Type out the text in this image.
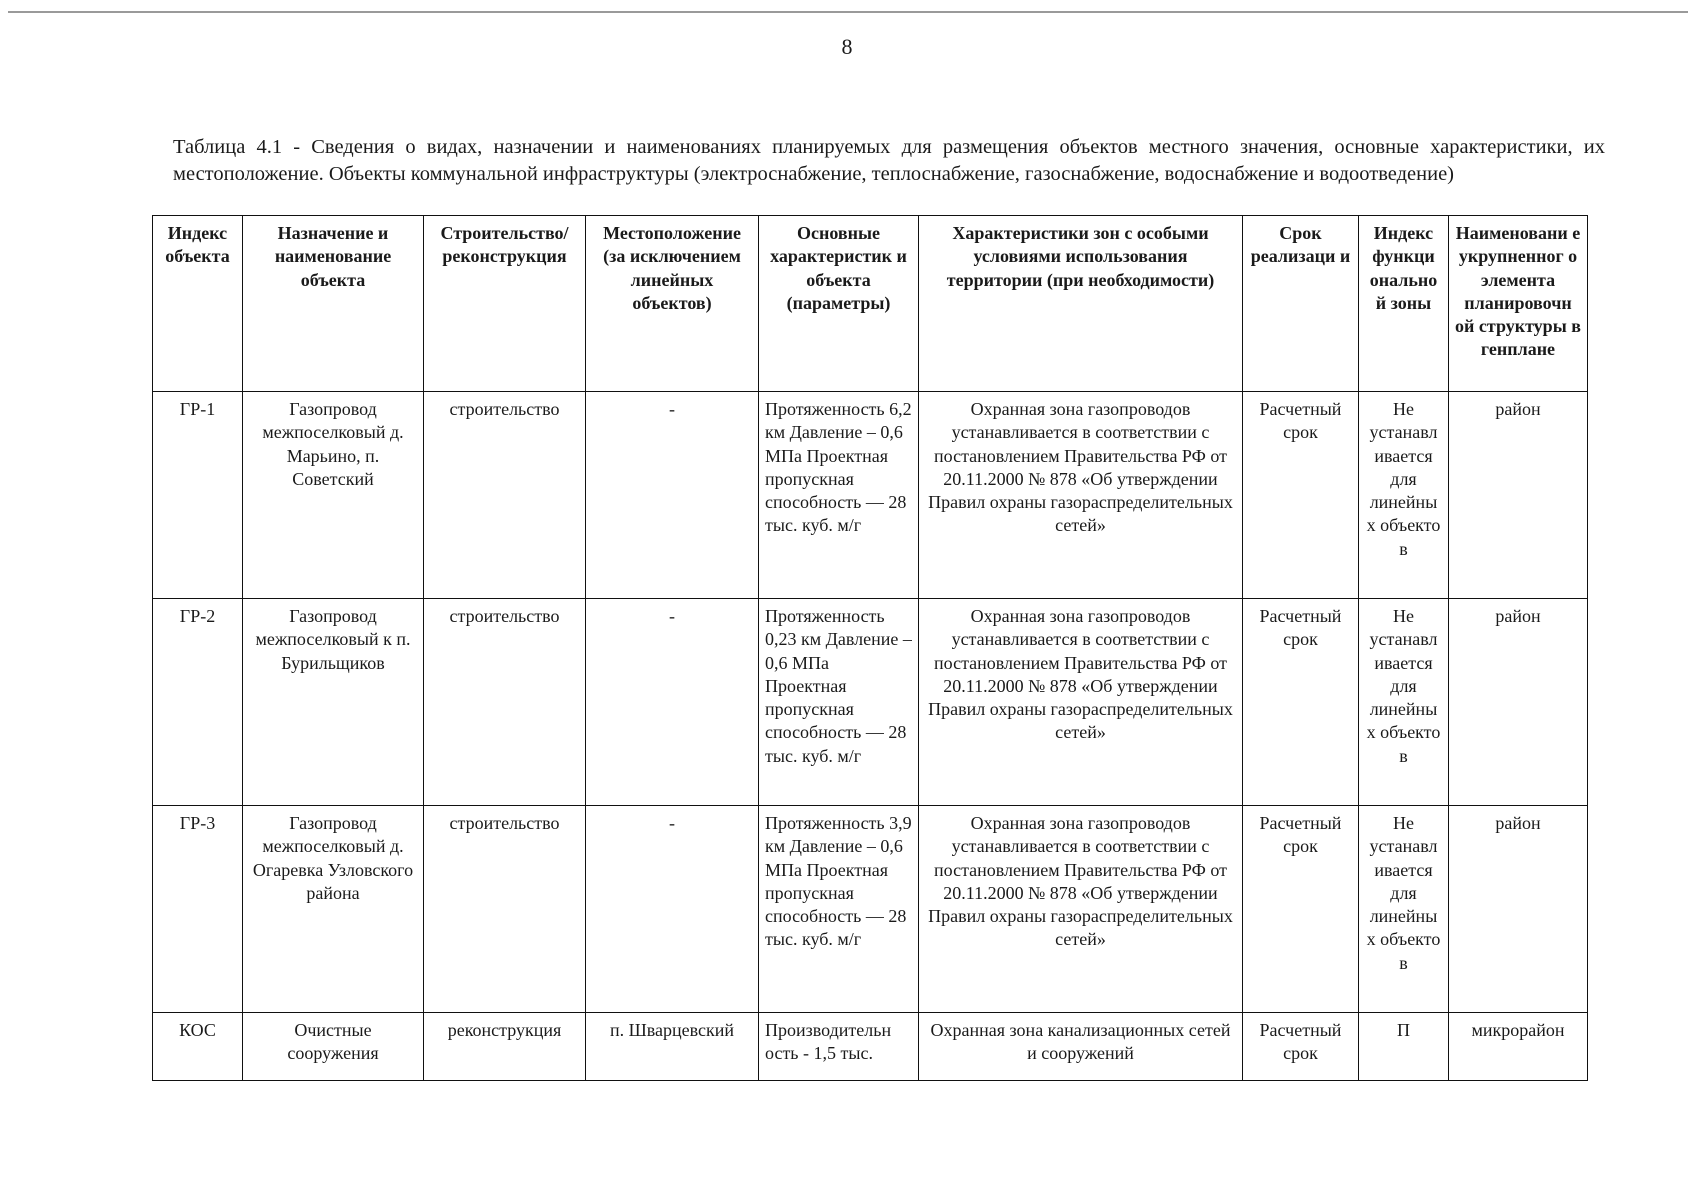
8
Таблица 4.1 - Сведения о видах, назначении и наименованиях планируемых для размещения объектов местного значения, основные характеристики, их местоположение. Объекты коммунальной инфраструктуры (электроснабжение, теплоснабжение, газоснабжение, водоснабжение и водоотведение)
Индекс объекта	Назначение и наименование объекта	Строительство/ реконструкция	Местоположение (за исключением линейных объектов)	Основные характеристик и объекта (параметры)	Характеристики зон с особыми условиями использования территории (при необходимости)	Срок реализаци и	Индекс функци онально й зоны	Наименовани е укрупненног о элемента планировочн ой структуры в генплане
ГР-1	Газопровод межпоселковый д. Марьино, п. Советский	строительство	-	Протяженность 6,2 км Давление – 0,6 МПа Проектная пропускная способность — 28 тыс. куб. м/г	Охранная зона газопроводов устанавливается в соответствии с постановлением Правительства РФ от 20.11.2000 № 878 «Об утверждении Правил охраны газораспределительных сетей»	Расчетный срок	Не устанавл ивается для линейны х объекто в	район
ГР-2	Газопровод межпоселковый к п. Бурильщиков	строительство	-	Протяженность 0,23 км Давление – 0,6 МПа Проектная пропускная способность — 28 тыс. куб. м/г	Охранная зона газопроводов устанавливается в соответствии с постановлением Правительства РФ от 20.11.2000 № 878 «Об утверждении Правил охраны газораспределительных сетей»	Расчетный срок	Не устанавл ивается для линейны х объекто в	район
ГР-3	Газопровод межпоселковый д. Огаревка Узловского района	строительство	-	Протяженность 3,9 км Давление – 0,6 МПа Проектная пропускная способность — 28 тыс. куб. м/г	Охранная зона газопроводов устанавливается в соответствии с постановлением Правительства РФ от 20.11.2000 № 878 «Об утверждении Правил охраны газораспределительных сетей»	Расчетный срок	Не устанавл ивается для линейны х объекто в	район
КОС	Очистные сооружения	реконструкция	п. Шварцевский	Производительн ость - 1,5 тыс.	Охранная зона канализационных сетей и сооружений	Расчетный срок	П	микрорайон
